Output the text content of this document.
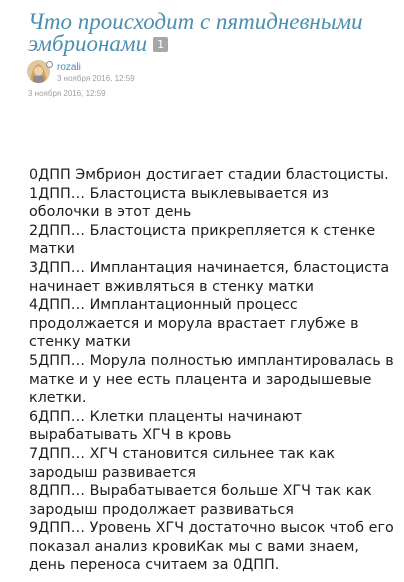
Что происходит с пятидневными эмбрионами 1
rozali
3 ноября 2016, 12:59
3 ноября 2016, 12:59

0ДПП Эмбрион достигает стадии бластоцисты.

1ДПП… Бластоциста выклевывается из оболочки в этот день

2ДПП… Бластоциста прикрепляется к стенке матки

3ДПП… Имплантация начинается, бластоциста начинает вживляться в стенку матки

4ДПП… Имплантационный процесс продолжается и морула врастает глубже в стенку матки

5ДПП… Морула полностью имплантировалась в матке и у нее есть плацента и зародышевые клетки.

6ДПП… Клетки плаценты начинают вырабатывать ХГЧ в кровь

7ДПП… ХГЧ становится сильнее так как зародыш развивается

8ДПП… Вырабатывается больше ХГЧ так как зародыш продолжает развиваться

9ДПП… Уровень ХГЧ достаточно высок чтоб его показал анализ кровиКак мы с вами знаем, день переноса считаем за 0ДПП.
